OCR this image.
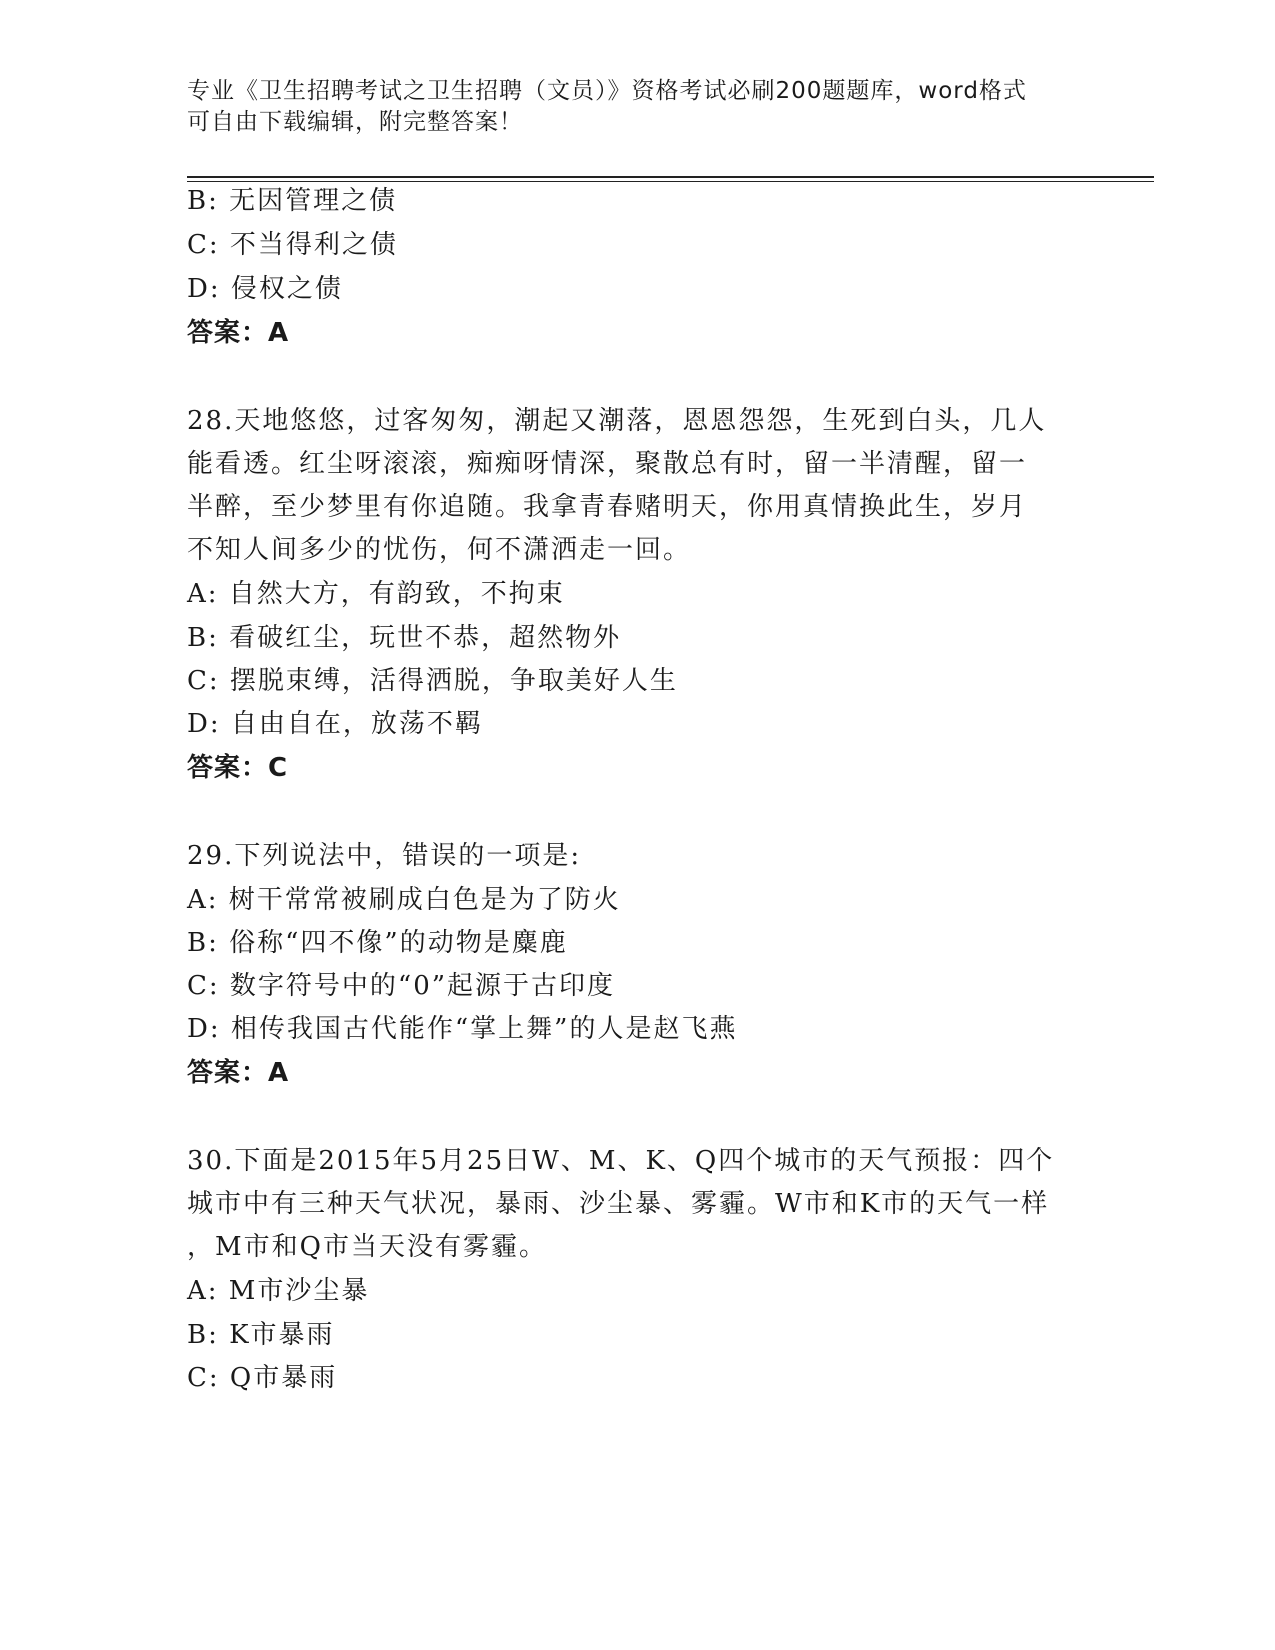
专业《卫生招聘考试之卫生招聘（文员）》资格考试必刷200题题库，word格式
可自由下载编辑，附完整答案！
B: 无因管理之债
C: 不当得利之债
D: 侵权之债
答案：A
28.天地悠悠，过客匆匆，潮起又潮落，恩恩怨怨，生死到白头，几人
能看透。红尘呀滚滚，痴痴呀情深，聚散总有时，留一半清醒，留一
半醉，至少梦里有你追随。我拿青春赌明天，你用真情换此生，岁月
不知人间多少的忧伤，何不潇洒走一回。
A: 自然大方，有韵致，不拘束
B: 看破红尘，玩世不恭，超然物外
C: 摆脱束缚，活得洒脱，争取美好人生
D: 自由自在，放荡不羁
答案：C
29.下列说法中，错误的一项是:
A: 树干常常被刷成白色是为了防火
B: 俗称“四不像”的动物是麋鹿
C: 数字符号中的“0”起源于古印度
D: 相传我国古代能作“掌上舞”的人是赵飞燕
答案：A
30.下面是2015年5月25日W、M、K、Q四个城市的天气预报：四个
城市中有三种天气状况，暴雨、沙尘暴、雾霾。W市和K市的天气一样
，M市和Q市当天没有雾霾。
A: M市沙尘暴
B: K市暴雨
C: Q市暴雨
